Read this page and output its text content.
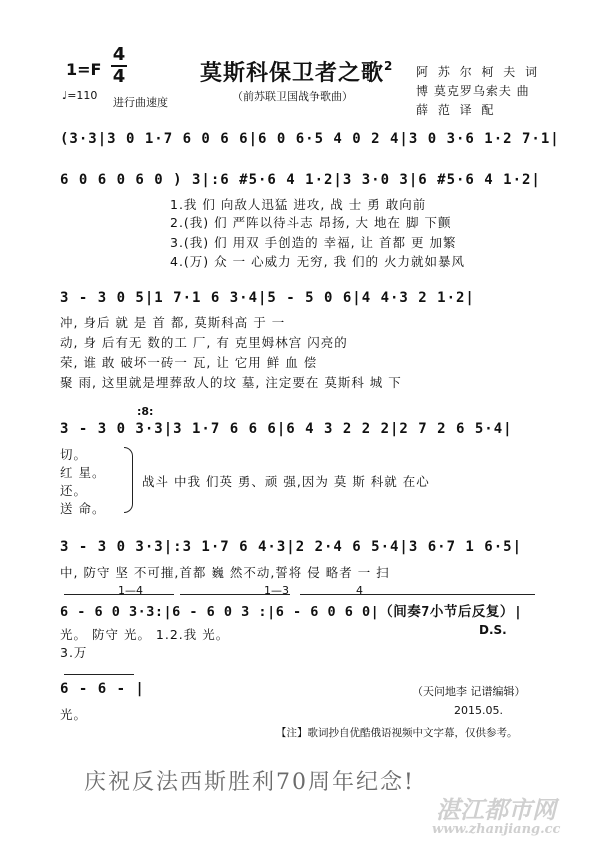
1=F
4
4
♩=110
进行曲速度
莫斯科保卫者之歌$^2$
（前苏联卫国战争歌曲）
阿 苏 尔 柯 夫 词
博 莫克罗乌索夫 曲
薛 范 译 配
(3·3|3 0 1·7 6 0 6 6|6 0 6·5 4 0 2 4|3 0 3·6 1·2 7·1|
6 0 6 0 6 0 ) 3|:6 #5·6 4 1·2|3 3·0 3|6 #5·6 4 1·2|
1.我 们 向敌人迅猛 进攻, 战 士 勇 敢向前
2.(我) 们 严阵以待斗志 昂扬, 大 地在 脚 下颤
3.(我) 们 用双 手创造的 幸福, 让 首都 更 加繁
4.(万) 众 一 心威力 无穷, 我 们的 火力就如暴风
3 - 3 0 5|1 7·1 6 3·4|5 - 5 0 6|4 4·3 2 1·2|
冲, 身后 就 是 首 都, 莫斯科高 于 一
动, 身 后有无 数的工 厂, 有 克里姆林宫 闪亮的
荣, 谁 敢 破坏一砖一 瓦, 让 它用 鲜 血 偿
聚 雨, 这里就是埋葬敌人的坟 墓, 注定要在 莫斯科 城 下
:8:
3 - 3 0 3·3|3 1·7 6 6 6|6 4 3 2 2 2|2 7 2 6 5·4|
切。
红 星。
还。
送 命。
战斗 中我 们英 勇、顽 强,因为 莫 斯 科就 在心
3 - 3 0 3·3|:3 1·7 6 4·3|2 2·4 6 5·4|3 6·7 1 6·5|
中, 防守 坚 不可摧,首都 巍 然不动,誓将 侵 略者 一 扫
1—4	1—3	4
6 - 6 0 3·3:|6 - 6 0 3 :|6 - 6 0 6 0|（间奏7小节后反复）|
光。 防守 光。 1.2.我 光。
3.万
D.S.
6 - 6 - |
光。
（天问地李 记谱编辑）
2015.05.
【注】歌词抄自优酷俄语视频中文字幕，仅供参考。
庆祝反法西斯胜利70周年纪念!
湛江都市网
www.zhanjiang.cc
